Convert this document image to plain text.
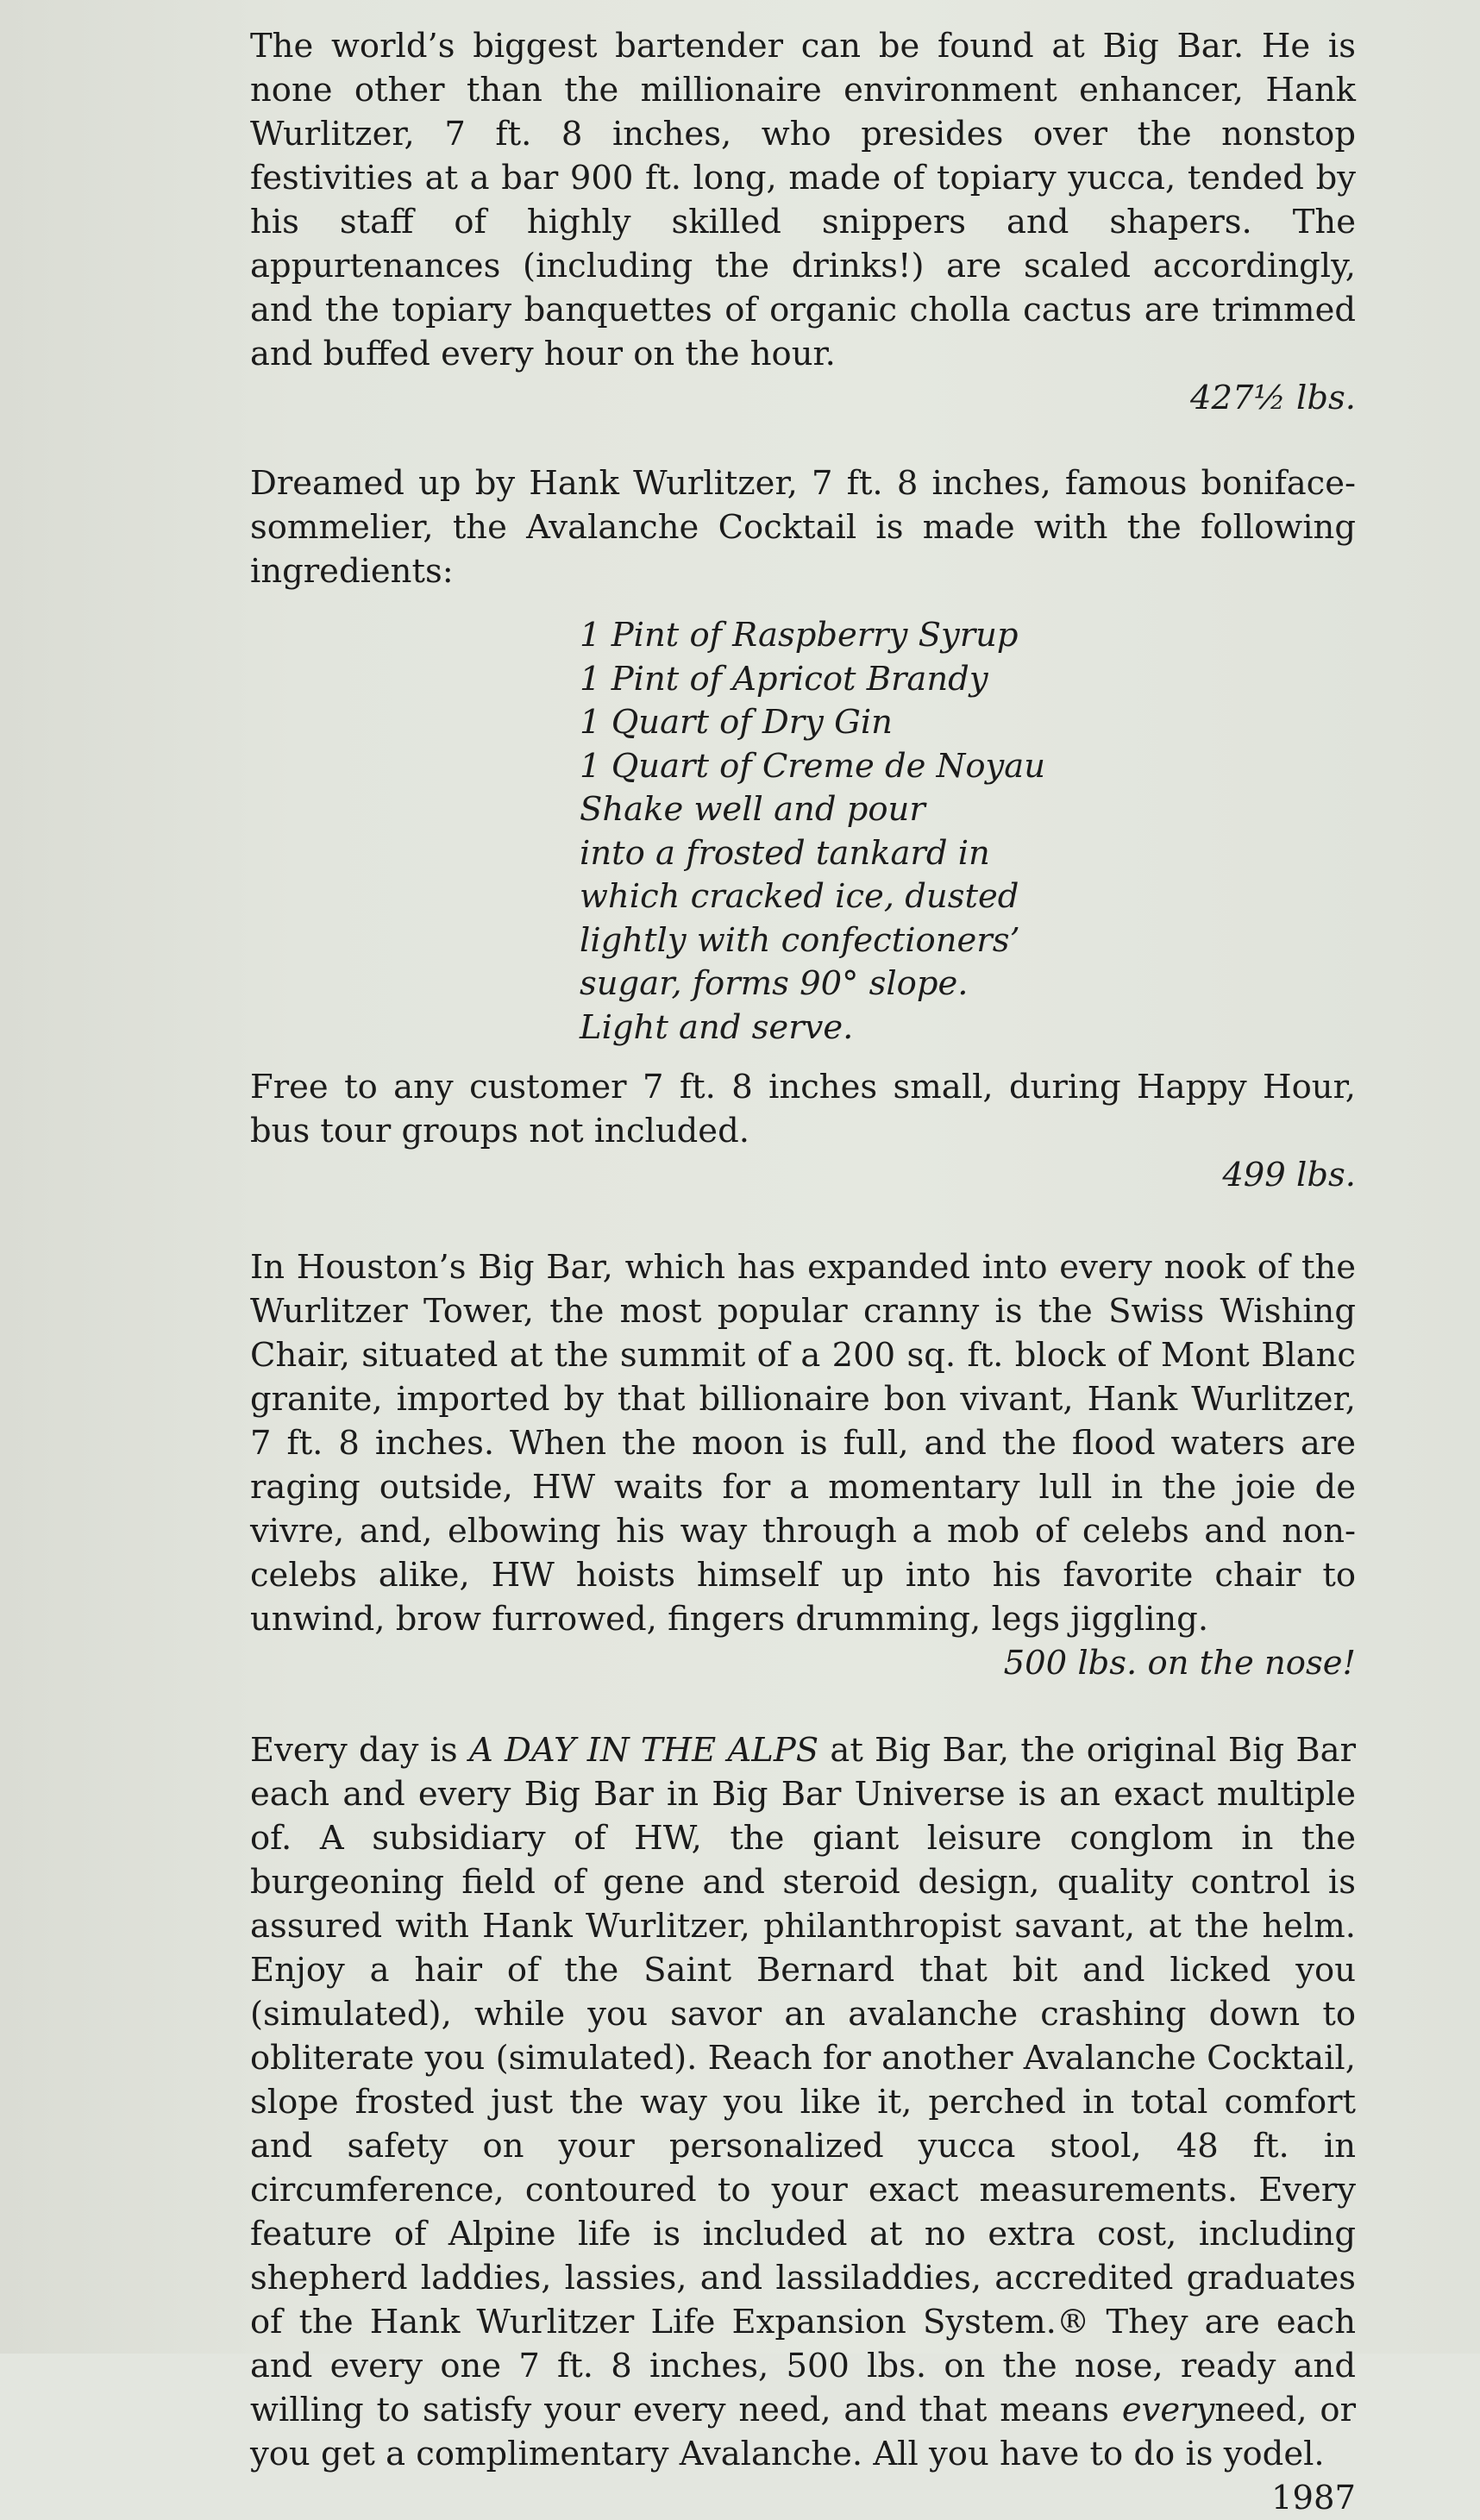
The world’s biggest bartender can be found at Big Bar. He is none other than the millionaire environment enhancer, Hank Wurlitzer, 7 ft. 8 inches, who presides over the nonstop festivities at a bar 900 ft. long, made of topiary yucca, tended by his staff of highly skilled snippers and shapers. The appurtenances (including the drinks!) are scaled accordingly, and the topiary banquettes of organic cholla cactus are trimmed and buffed every hour on the hour.
427½ lbs.

Dreamed up by Hank Wurlitzer, 7 ft. 8 inches, famous boniface-sommelier, the Avalanche Cocktail is made with the following ingredients:

1 Pint of Raspberry Syrup
1 Pint of Apricot Brandy
1 Quart of Dry Gin
1 Quart of Creme de Noyau
Shake well and pour
into a frosted tankard in
which cracked ice, dusted
lightly with confectioners’
sugar, forms 90° slope.
Light and serve.

Free to any customer 7 ft. 8 inches small, during Happy Hour, bus tour groups not included.
499 lbs.

In Houston’s Big Bar, which has expanded into every nook of the Wurlitzer Tower, the most popular cranny is the Swiss Wishing Chair, situated at the summit of a 200 sq. ft. block of Mont Blanc granite, imported by that billionaire bon vivant, Hank Wurlitzer, 7 ft. 8 inches. When the moon is full, and the flood waters are raging outside, HW waits for a momentary lull in the joie de vivre, and, elbowing his way through a mob of celebs and non-celebs alike, HW hoists himself up into his favorite chair to unwind, brow furrowed, fingers drumming, legs jiggling.
500 lbs. on the nose!

Every day is A DAY IN THE ALPS at Big Bar, the original Big Bar each and every Big Bar in Big Bar Universe is an exact multiple of. A subsidiary of HW, the giant leisure conglom in the burgeoning field of gene and steroid design, quality control is assured with Hank Wurlitzer, philanthropist savant, at the helm. Enjoy a hair of the Saint Bernard that bit and licked you (simulated), while you savor an avalanche crashing down to obliterate you (simulated). Reach for another Avalanche Cocktail, slope frosted just the way you like it, perched in total comfort and safety on your personalized yucca stool, 48 ft. in circumference, contoured to your exact measurements. Every feature of Alpine life is included at no extra cost, including shepherd laddies, lassies, and lassiladdies, accredited graduates of the Hank Wurlitzer Life Expansion System.® They are each and every one 7 ft. 8 inches, 500 lbs. on the nose, ready and willing to satisfy your every need, and that means everyneed, or you get a complimentary Avalanche. All you have to do is yodel.

1987
